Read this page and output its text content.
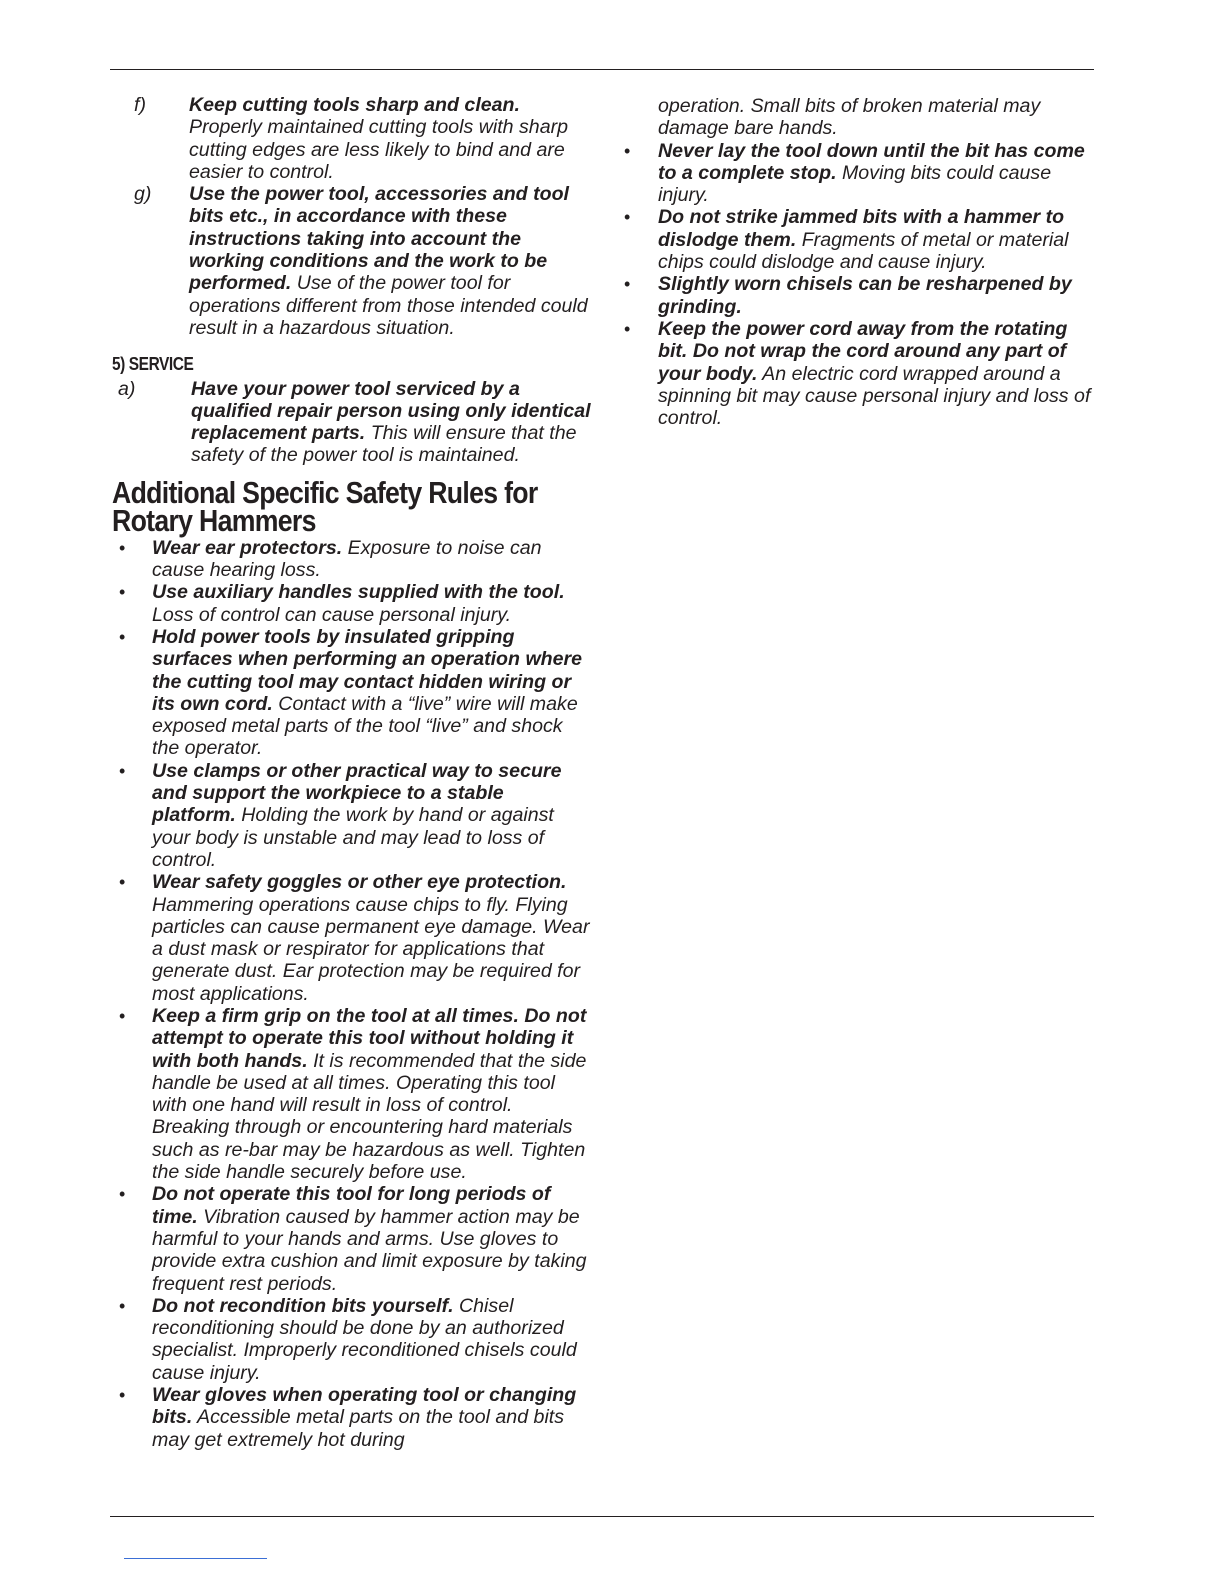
f)	Keep cutting tools sharp and clean. Properly maintained cutting tools with sharp cutting edges are less likely to bind and are easier to control.
g)	Use the power tool, accessories and tool bits etc., in accordance with these instructions taking into account the working conditions and the work to be performed. Use of the power tool for operations different from those intended could result in a hazardous situation.
5) SERVICE
a)	Have your power tool serviced by a qualified repair person using only identical replacement parts. This will ensure that the safety of the power tool is maintained.
Additional Specific Safety Rules for Rotary Hammers
•	Wear ear protectors. Exposure to noise can cause hearing loss.
•	Use auxiliary handles supplied with the tool. Loss of control can cause personal injury.
•	Hold power tools by insulated gripping surfaces when performing an operation where the cutting tool may contact hidden wiring or its own cord. Contact with a “live” wire will make exposed metal parts of the tool “live” and shock the operator.
•	Use clamps or other practical way to secure and support the workpiece to a stable platform. Holding the work by hand or against your body is unstable and may lead to loss of control.
•	Wear safety goggles or other eye protection. Hammering operations cause chips to fly. Flying particles can cause permanent eye damage. Wear a dust mask or respirator for applications that generate dust. Ear protection may be required for most applications.
•	Keep a firm grip on the tool at all times. Do not attempt to operate this tool without holding it with both hands. It is recommended that the side handle be used at all times. Operating this tool with one hand will result in loss of control. Breaking through or encountering hard materials such as re-bar may be hazardous as well. Tighten the side handle securely before use.
•	Do not operate this tool for long periods of time. Vibration caused by hammer action may be harmful to your hands and arms. Use gloves to provide extra cushion and limit exposure by taking frequent rest periods.
•	Do not recondition bits yourself. Chisel reconditioning should be done by an authorized specialist. Improperly reconditioned chisels could cause injury.
•	Wear gloves when operating tool or changing bits. Accessible metal parts on the tool and bits may get extremely hot during
operation. Small bits of broken material may damage bare hands.
•	Never lay the tool down until the bit has come to a complete stop. Moving bits could cause injury.
•	Do not strike jammed bits with a hammer to dislodge them. Fragments of metal or material chips could dislodge and cause injury.
•	Slightly worn chisels can be resharpened by grinding.
•	Keep the power cord away from the rotating bit. Do not wrap the cord around any part of your body. An electric cord wrapped around a spinning bit may cause personal injury and loss of control.
